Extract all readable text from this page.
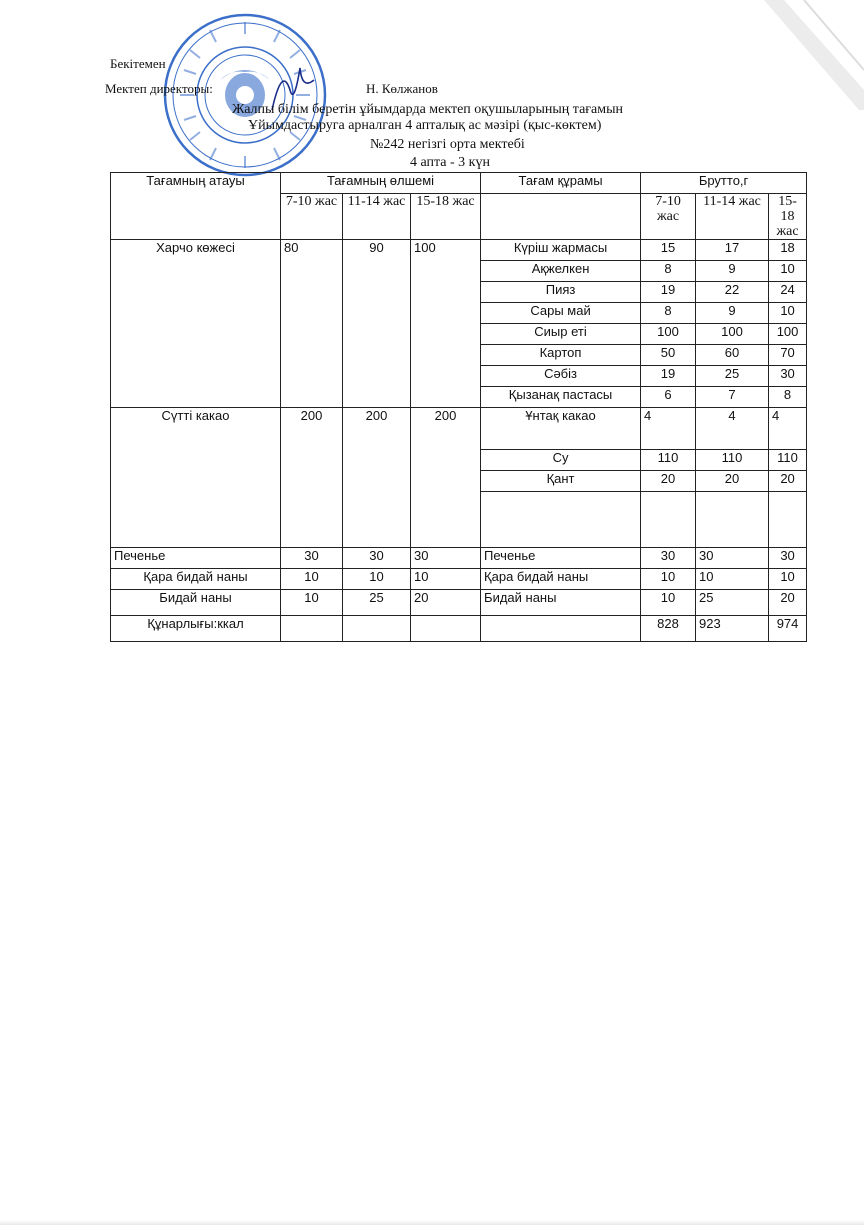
Бекітемен
Мектеп директоры:	Н. Көлжанов
Жалпы білім беретін ұйымдарда мектеп оқушыларының тағамын
Ұйымдастыруга арналган 4 апталық ас мәзірі (қыс-көктем)
№242 негізгі орта мектебі
4 апта - 3 күн
Тағамның атауы	Тағамның өлшемі			Тағам құрамы	Брутто,г		
	7-10 жас	11-14 жас	15-18 жас		7-10 жас	11-14 жас	15-18 жас
Харчо көжесі	80	90	100	Күріш жармасы	15	17	18
				Ақжелкен	8	9	10
				Пияз	19	22	24
				Сары май	8	9	10
				Сиыр еті	100	100	100
				Картоп	50	60	70
				Сәбіз	19	25	30
				Қызанақ пастасы	6	7	8
Сүтті какао	200	200	200	Ұнтақ какао	4	4	4
				Су	110	110	110
				Қант	20	20	20

Печенье	30	30	30	Печенье	30	30	30
Қара бидай наны	10	10	10	Қара бидай наны	10	10	10
Бидай наны	10	25	20	Бидай наны	10	25	20
Құнарлығы:ккал					828	923	974
